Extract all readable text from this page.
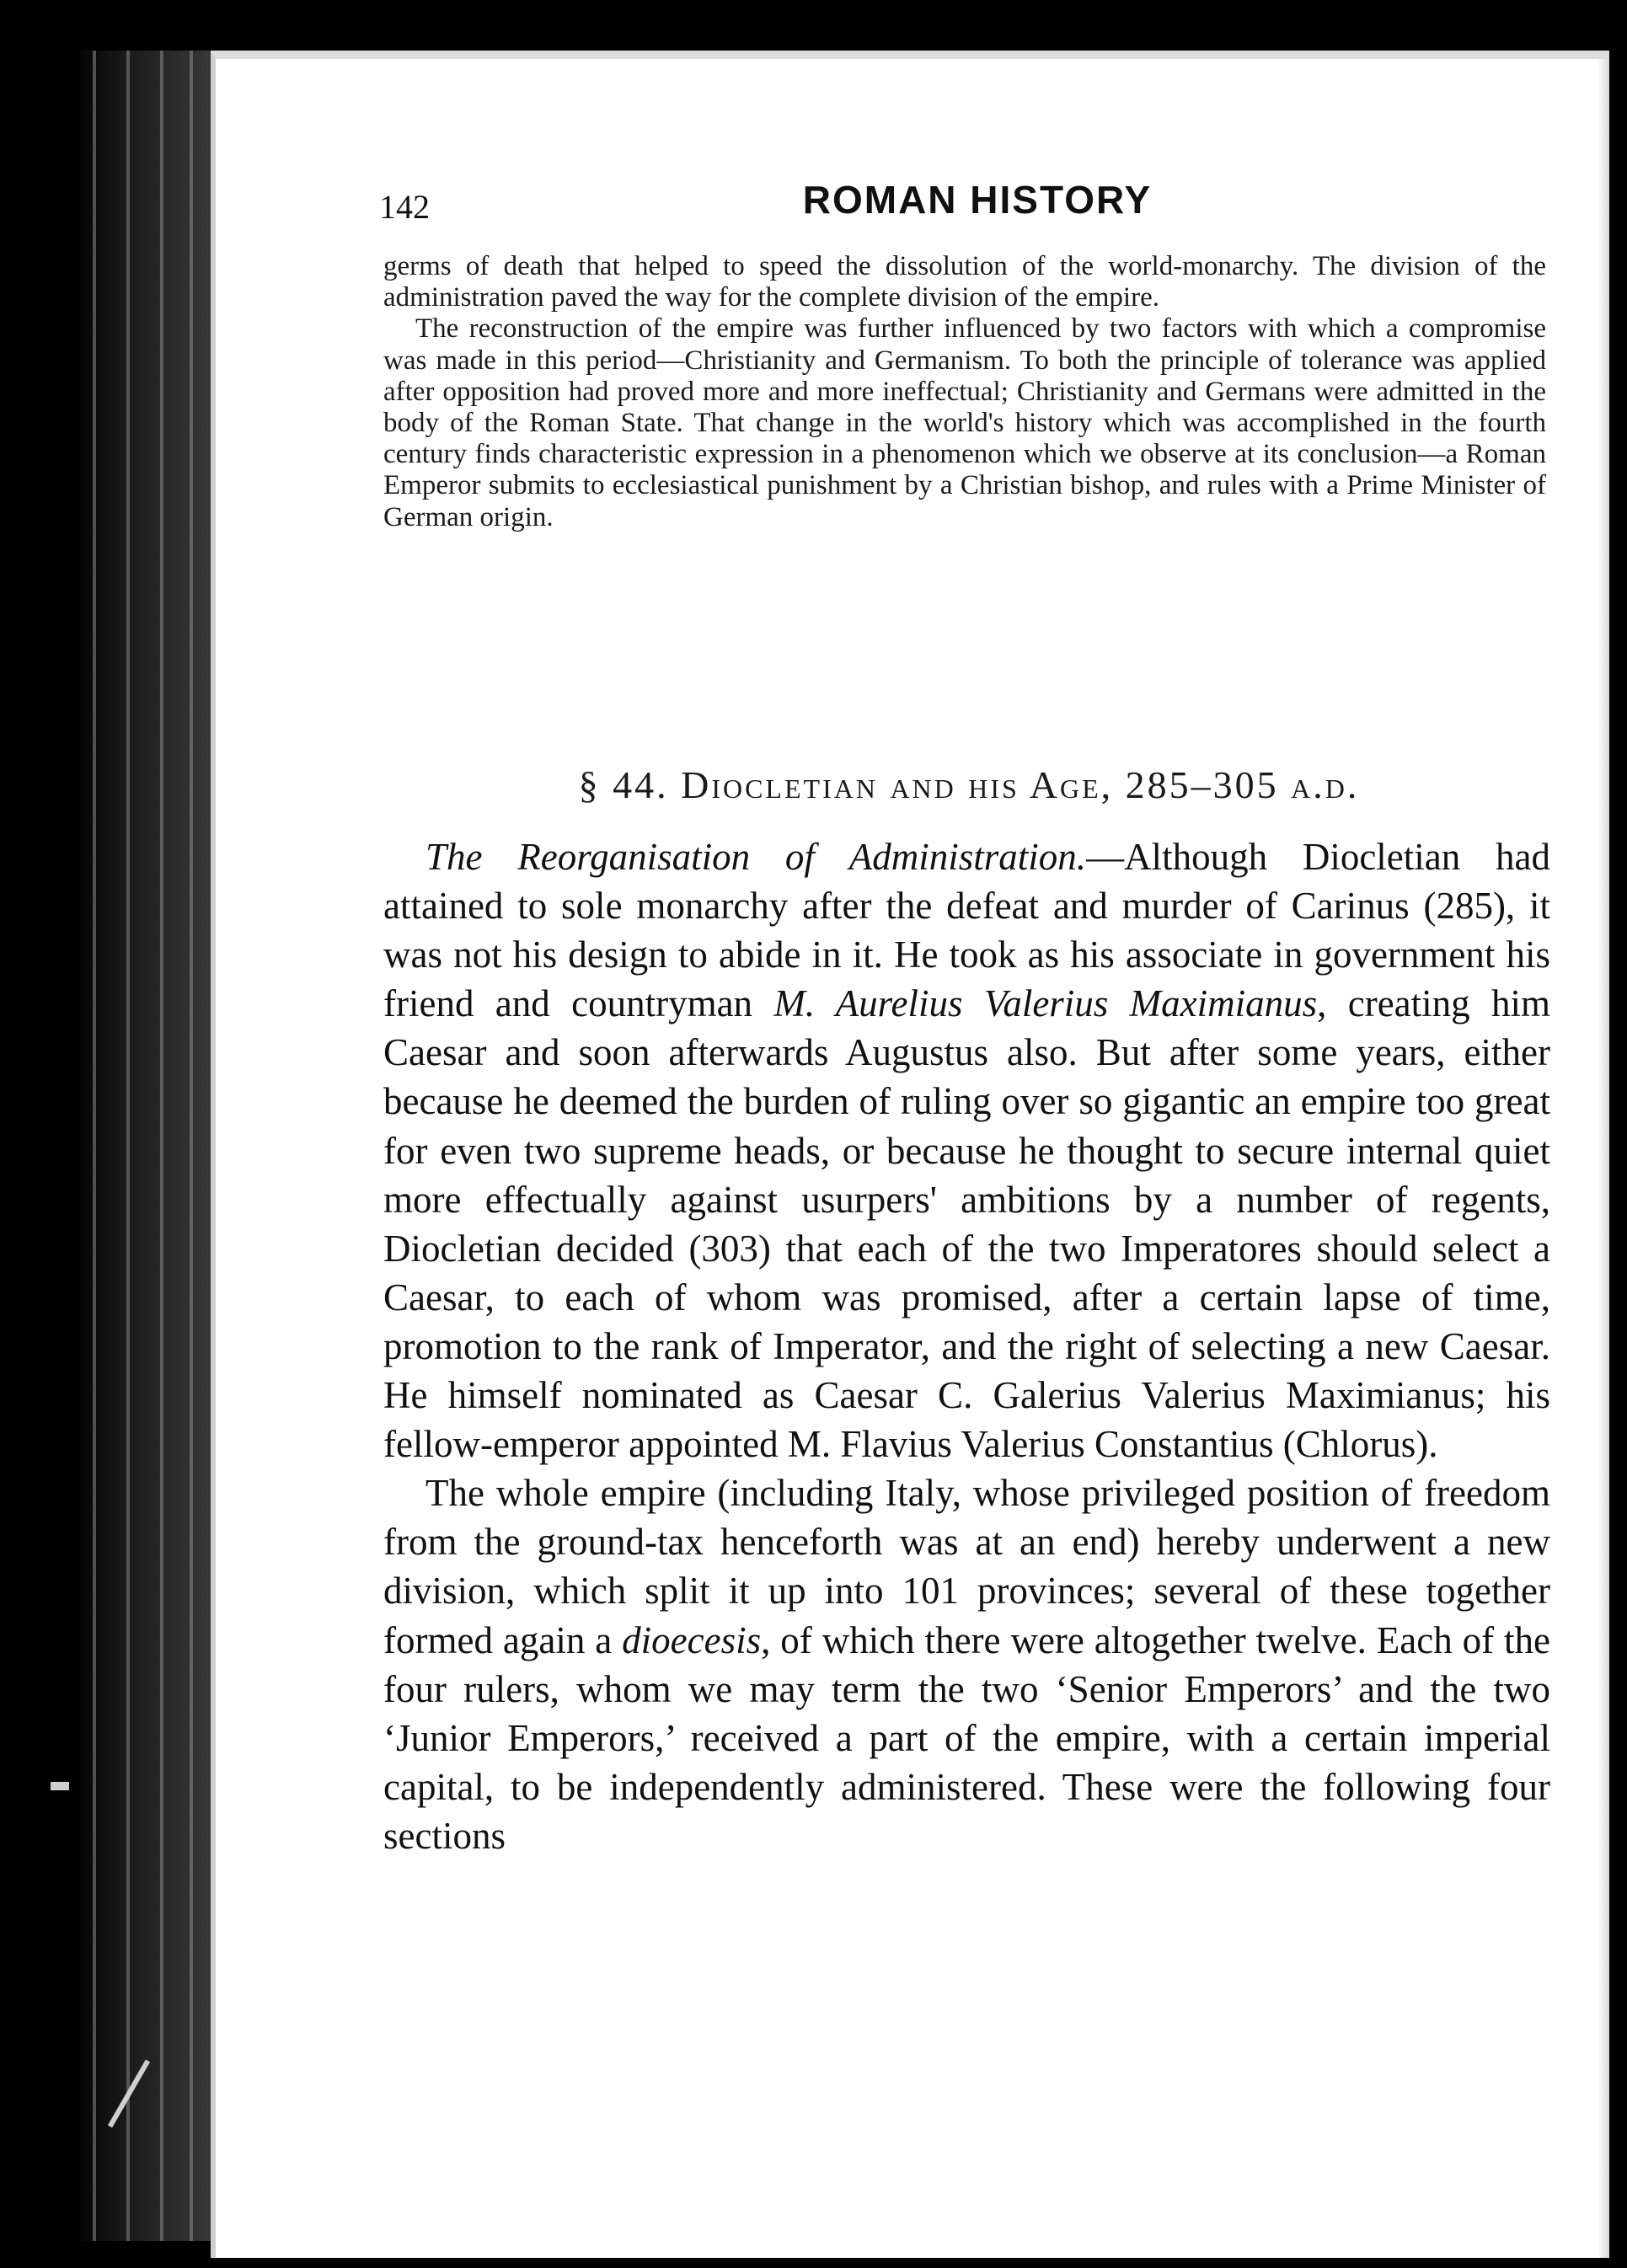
142	ROMAN HISTORY

germs of death that helped to speed the dissolution of the world-monarchy. The division of the administration paved the way for the complete division of the empire.

The reconstruction of the empire was further influenced by two factors with which a compromise was made in this period—Christianity and Germanism. To both the principle of tolerance was applied after opposition had proved more and more ineffectual; Christianity and Germans were admitted in the body of the Roman State. That change in the world's history which was accomplished in the fourth century finds characteristic expression in a phenomenon which we observe at its conclusion—a Roman Emperor submits to ecclesiastical punishment by a Christian bishop, and rules with a Prime Minister of German origin.

§ 44. Diocletian and his Age, 285–305 a.d.

The Reorganisation of Administration.—Although Diocletian had attained to sole monarchy after the defeat and murder of Carinus (285), it was not his design to abide in it. He took as his associate in government his friend and countryman M. Aurelius Valerius Maximianus, creating him Caesar and soon afterwards Augustus also. But after some years, either because he deemed the burden of ruling over so gigantic an empire too great for even two supreme heads, or because he thought to secure internal quiet more effectually against usurpers' ambitions by a number of regents, Diocletian decided (303) that each of the two Imperatores should select a Caesar, to each of whom was promised, after a certain lapse of time, promotion to the rank of Imperator, and the right of selecting a new Caesar. He himself nominated as Caesar C. Galerius Valerius Maximianus; his fellow-emperor appointed M. Flavius Valerius Constantius (Chlorus).

The whole empire (including Italy, whose privileged position of freedom from the ground-tax henceforth was at an end) hereby underwent a new division, which split it up into 101 provinces; several of these together formed again a dioecesis, of which there were altogether twelve. Each of the four rulers, whom we may term the two ‘Senior Emperors’ and the two ‘Junior Emperors,’ received a part of the empire, with a certain imperial capital, to be independently administered. These were the following four sections
